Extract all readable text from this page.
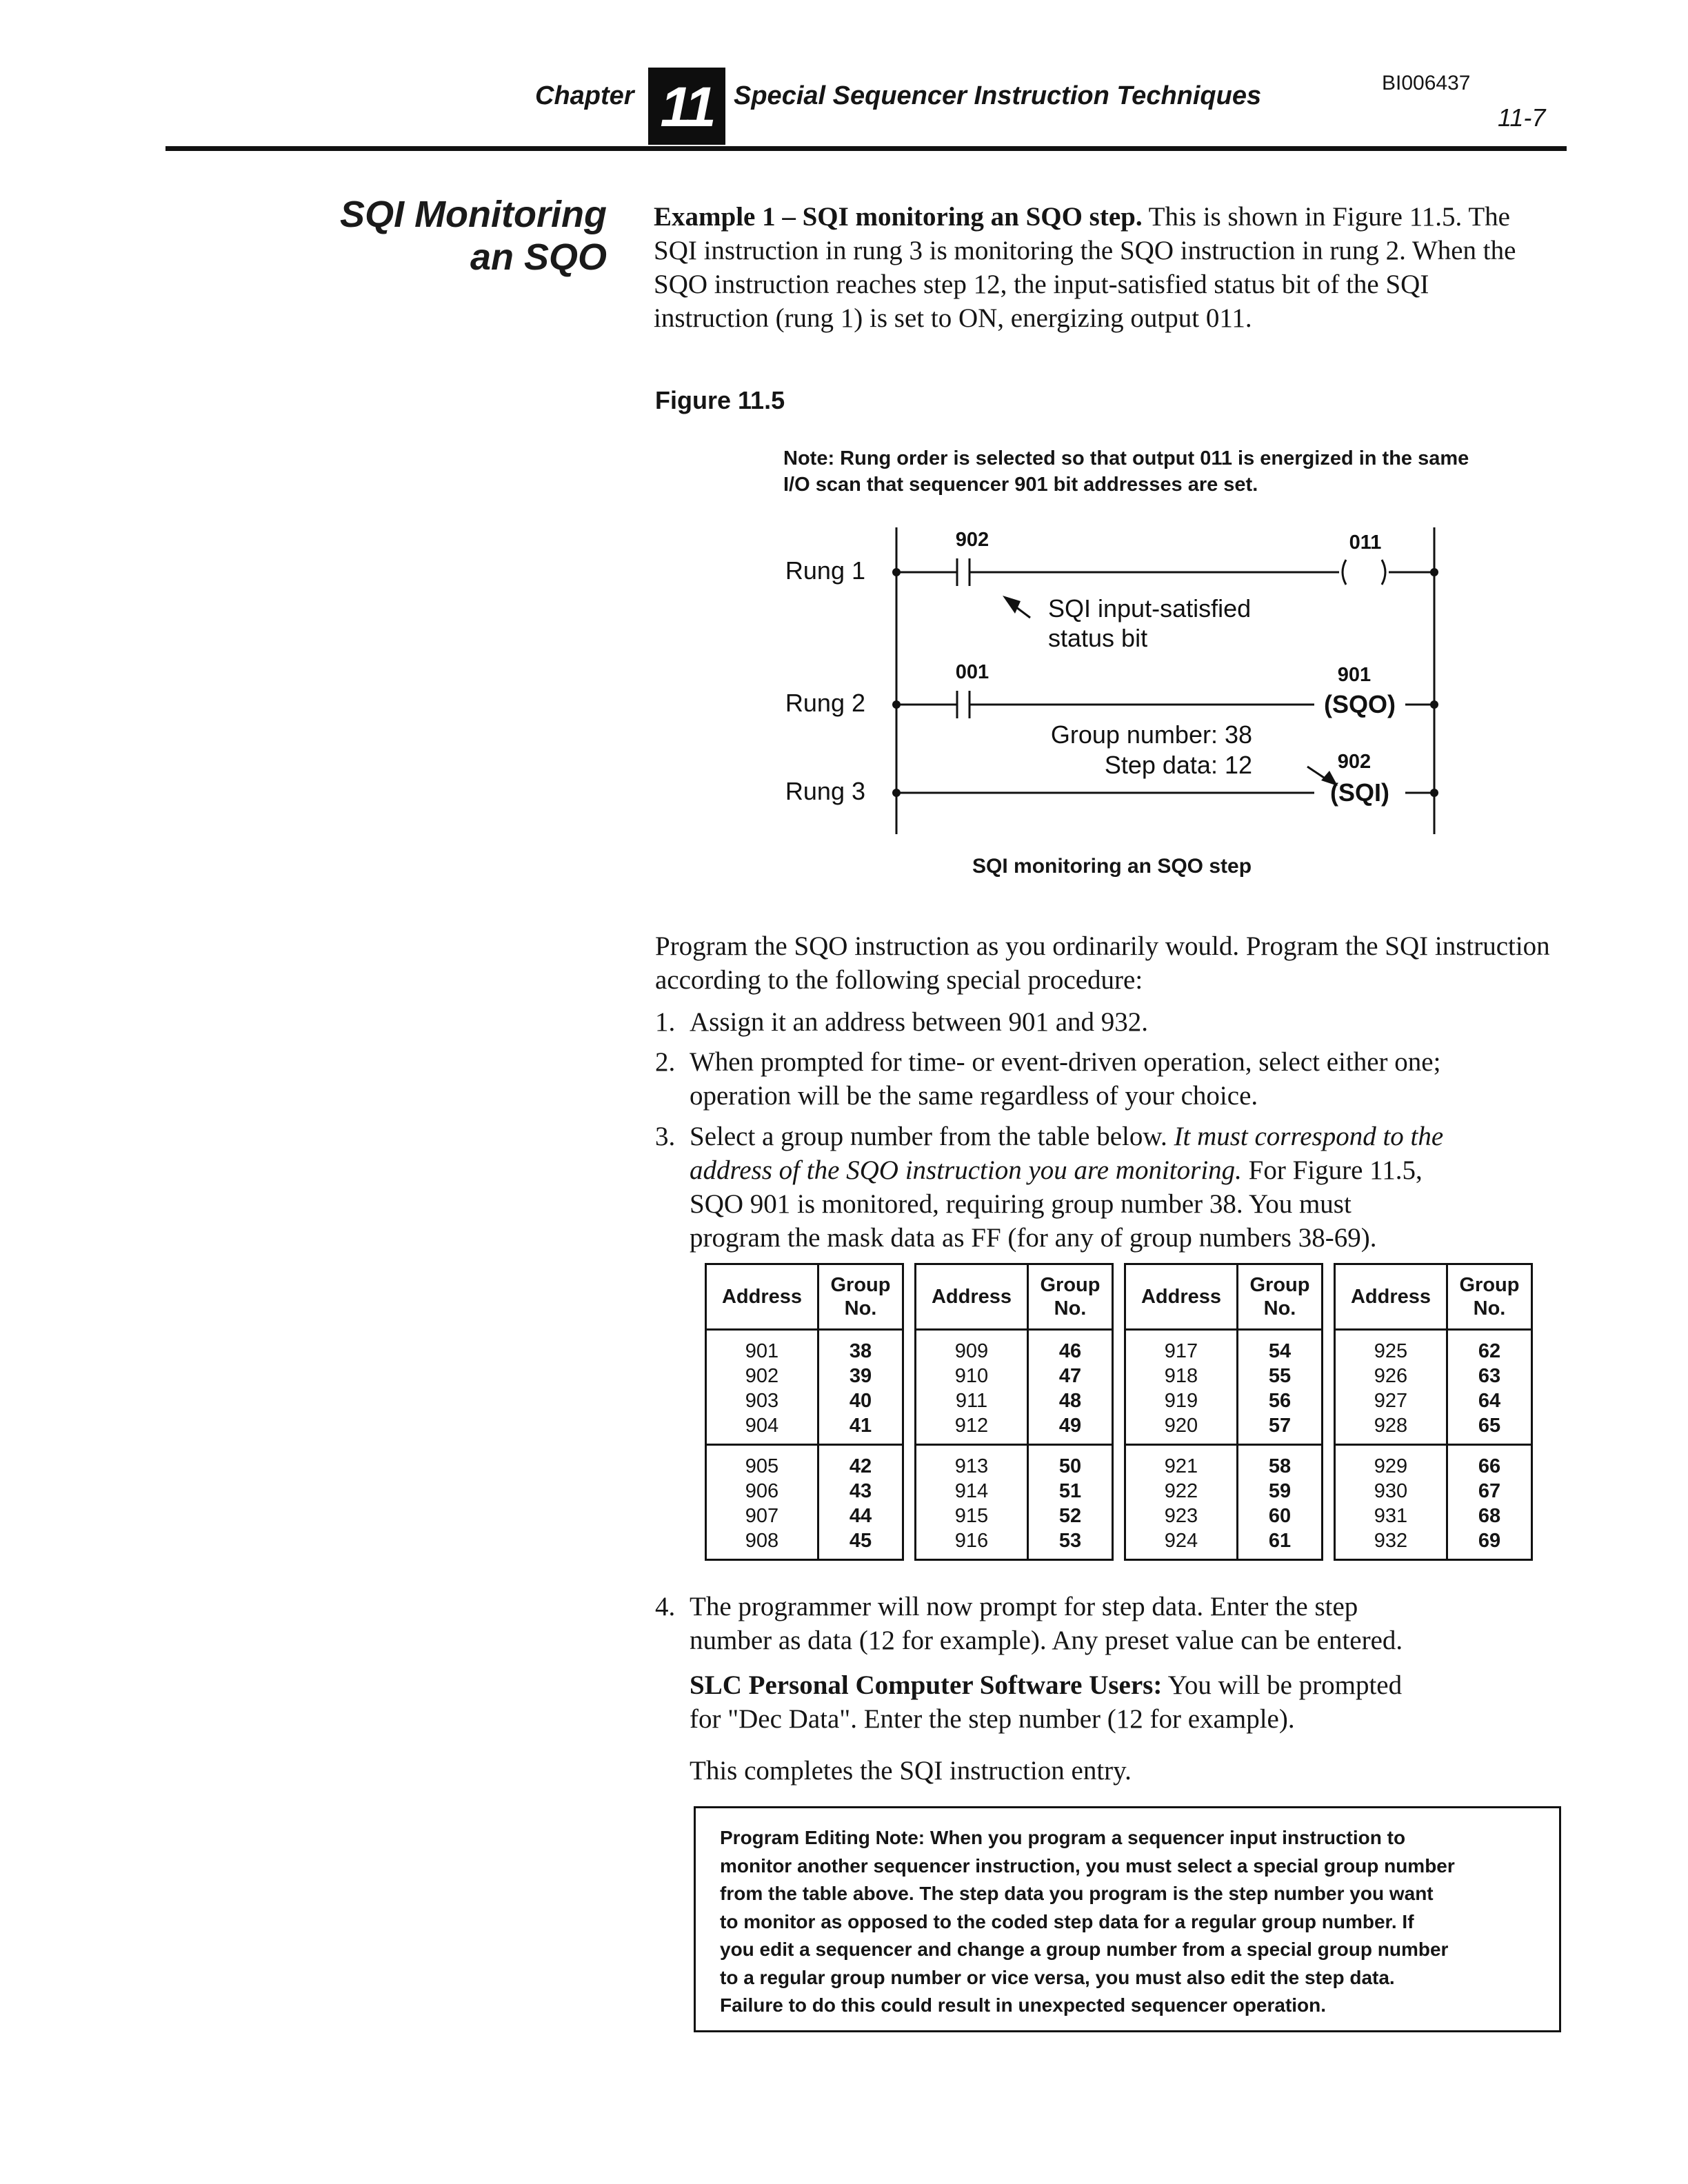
Chapter 11 Special Sequencer Instruction Techniques	BI006437
11-7
SQI Monitoring
an SQO
Example 1 – SQI monitoring an SQO step. This is shown in Figure 11.5. The SQI instruction in rung 3 is monitoring the SQO instruction in rung 2. When the SQO instruction reaches step 12, the input-satisfied status bit of the SQI instruction (rung 1) is set to ON, energizing output 011.
Figure 11.5
Note: Rung order is selected so that output 011 is energized in the same I/O scan that sequencer 901 bit addresses are set.
Rung 1
Rung 2
Rung 3
902	011
SQI input-satisfied
status bit
001	901
(SQO)
Group number: 38
Step data: 12	902
(SQI)
SQI monitoring an SQO step
Program the SQO instruction as you ordinarily would. Program the SQI instruction according to the following special procedure:
1. Assign it an address between 901 and 932.
2. When prompted for time- or event-driven operation, select either one;
operation will be the same regardless of your choice.
3. Select a group number from the table below. It must correspond to the
address of the SQO instruction you are monitoring. For Figure 11.5,
SQO 901 is monitored, requiring group number 38. You must
program the mask data as FF (for any of group numbers 38-69).
Address	Group
No.

901	38
902	39
903	40
904	41
905	42
906	43
907	44
908	45
Address	Group
No.

909	46
910	47
911	48
912	49
913	50
914	51
915	52
916	53
Address	Group
No.

917	54
918	55
919	56
920	57
921	58
922	59
923	60
924	61
Address	Group
No.

925	62
926	63
927	64
928	65
929	66
930	67
931	68
932	69
4. The programmer will now prompt for step data. Enter the step
number as data (12 for example). Any preset value can be entered.
SLC Personal Computer Software Users: You will be prompted
for "Dec Data". Enter the step number (12 for example).
This completes the SQI instruction entry.
Program Editing Note: When you program a sequencer input instruction to
monitor another sequencer instruction, you must select a special group number
from the table above. The step data you program is the step number you want
to monitor as opposed to the coded step data for a regular group number. If
you edit a sequencer and change a group number from a special group number
to a regular group number or vice versa, you must also edit the step data.
Failure to do this could result in unexpected sequencer operation.
